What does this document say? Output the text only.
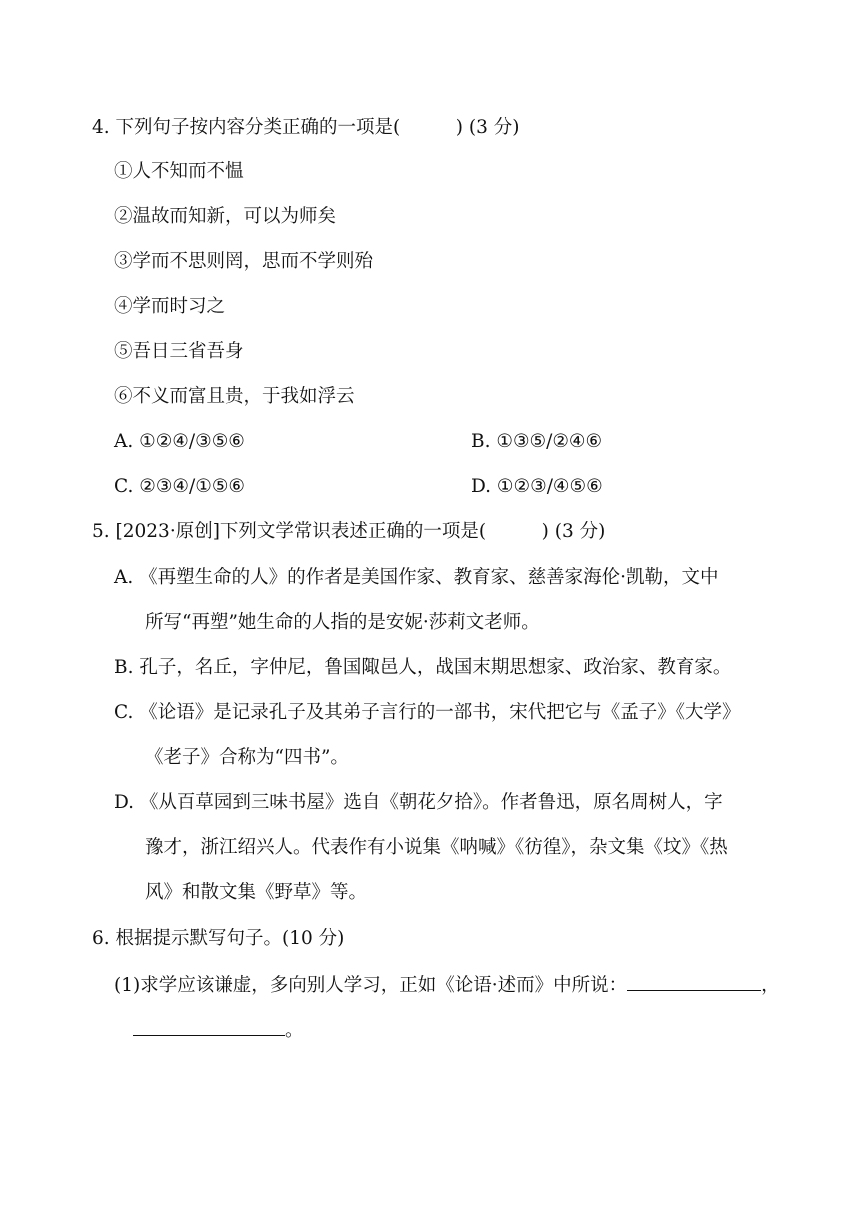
4. 下列句子按内容分类正确的一项是(　　　) (3 分)
①人不知而不愠
②温故而知新，可以为师矣
③学而不思则罔，思而不学则殆
④学而时习之
⑤吾日三省吾身
⑥不义而富且贵，于我如浮云
A. ①②④/③⑤⑥	B. ①③⑤/②④⑥
C. ②③④/①⑤⑥	D. ①②③/④⑤⑥
5. [2023·原创]下列文学常识表述正确的一项是(　　　) (3 分)
A. 《再塑生命的人》的作者是美国作家、教育家、慈善家海伦·凯勒，文中
所写“再塑”她生命的人指的是安妮·莎莉文老师。
B. 孔子，名丘，字仲尼，鲁国陬邑人，战国末期思想家、政治家、教育家。
C. 《论语》是记录孔子及其弟子言行的一部书，宋代把它与《孟子》《大学》
《老子》合称为“四书”。
D. 《从百草园到三味书屋》选自《朝花夕拾》。作者鲁迅，原名周树人，字
豫才，浙江绍兴人。代表作有小说集《呐喊》《彷徨》，杂文集《坟》《热
风》和散文集《野草》等。
6. 根据提示默写句子。(10 分)
(1)求学应该谦虚，多向别人学习，正如《论语·述而》中所说：	，
。
